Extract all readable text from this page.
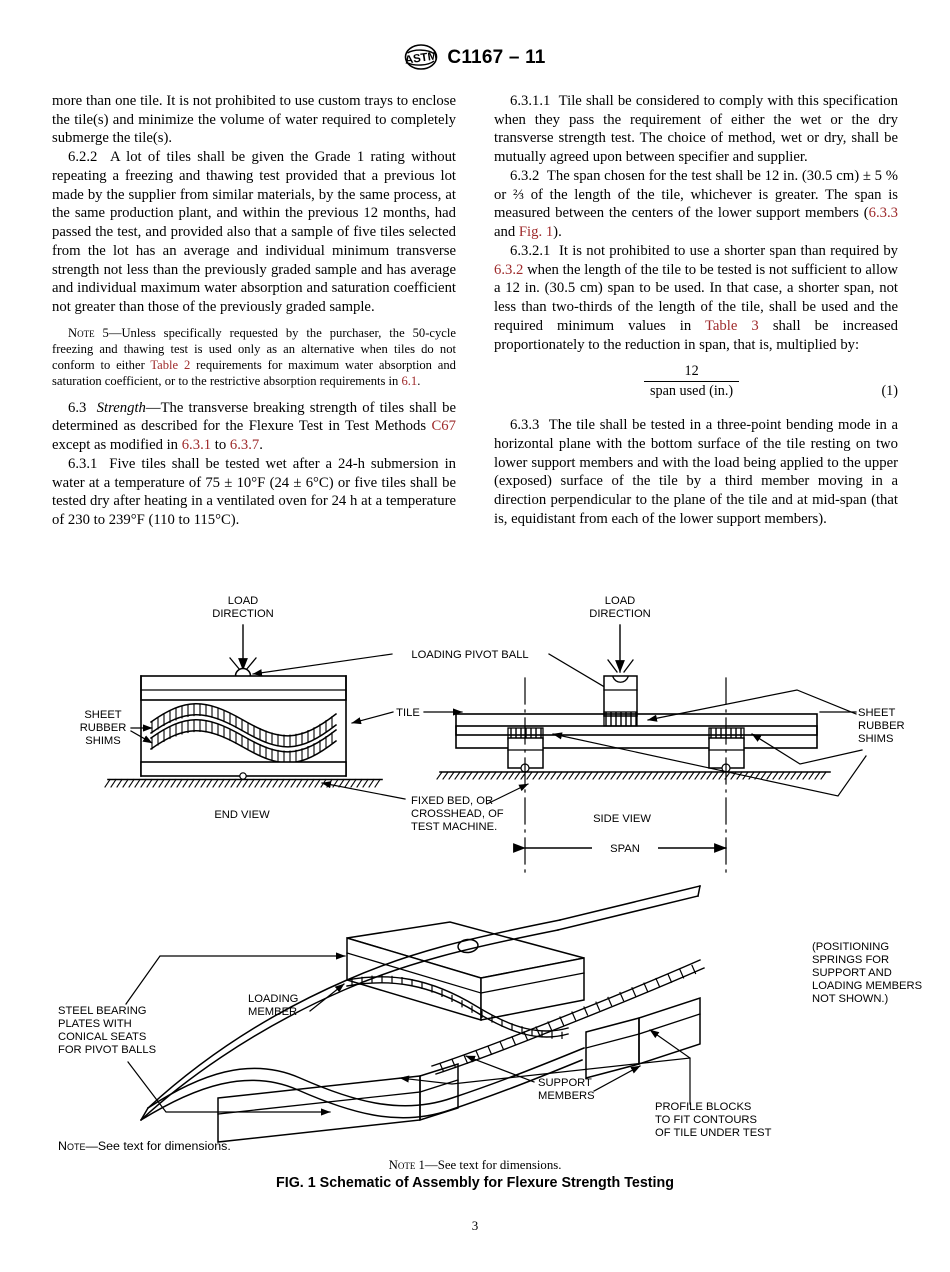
ASTM C1167 – 11

more than one tile. It is not prohibited to use custom trays to enclose the tile(s) and minimize the volume of water required to completely submerge the tile(s).

6.2.2 A lot of tiles shall be given the Grade 1 rating without repeating a freezing and thawing test provided that a previous lot made by the supplier from similar materials, by the same process, at the same production plant, and within the previous 12 months, had passed the test, and provided also that a sample of five tiles selected from the lot has an average and individual minimum transverse strength not less than the previously graded sample and has average and individual maximum water absorption and saturation coefficient not greater than those of the previously graded sample.

Note 5—Unless specifically requested by the purchaser, the 50-cycle freezing and thawing test is used only as an alternative when tiles do not conform to either Table 2 requirements for maximum water absorption and saturation coefficient, or to the restrictive absorption requirements in 6.1.

6.3 Strength—The transverse breaking strength of tiles shall be determined as described for the Flexure Test in Test Methods C67 except as modified in 6.3.1 to 6.3.7.

6.3.1 Five tiles shall be tested wet after a 24-h submersion in water at a temperature of 75 ± 10°F (24 ± 6°C) or five tiles shall be tested dry after heating in a ventilated oven for 24 h at a temperature of 230 to 239°F (110 to 115°C).

6.3.1.1 Tile shall be considered to comply with this specification when they pass the requirement of either the wet or the dry transverse strength test. The choice of method, wet or dry, shall be mutually agreed upon between specifier and supplier.

6.3.2 The span chosen for the test shall be 12 in. (30.5 cm) ± 5 % or ⅔ of the length of the tile, whichever is greater. The span is measured between the centers of the lower support members (6.3.3 and Fig. 1).

6.3.2.1 It is not prohibited to use a shorter span than required by 6.3.2 when the length of the tile to be tested is not sufficient to allow a 12 in. (30.5 cm) span to be used. In that case, a shorter span, not less than two-thirds of the length of the tile, shall be used and the required minimum values in Table 3 shall be increased proportionately to the reduction in span, that is, multiplied by:

12
span used (in.)	(1)

6.3.3 The tile shall be tested in a three-point bending mode in a horizontal plane with the bottom surface of the tile resting on two lower support members and with the load being applied to the upper (exposed) surface of the tile by a third member moving in a direction perpendicular to the plane of the tile and at mid-span (that is, equidistant from each of the lower support members).

LOAD
DIRECTION
END VIEW
SHEET
RUBBER
SHIMS
LOADING PIVOT BALL
TILE
FIXED BED, OR
CROSSHEAD, OF
TEST MACHINE.
LOAD
DIRECTION
SIDE VIEW
SPAN
SHEET
RUBBER
SHIMS
STEEL BEARING
PLATES WITH
CONICAL SEATS
FOR PIVOT BALLS
LOADING
MEMBER
SUPPORT
MEMBERS
PROFILE BLOCKS
TO FIT CONTOURS
OF TILE UNDER TEST
(POSITIONING
SPRINGS FOR
SUPPORT AND
LOADING MEMBERS
NOT SHOWN.)
Note—See text for dimensions.
Note 1—See text for dimensions.
FIG. 1 Schematic of Assembly for Flexure Strength Testing
3
